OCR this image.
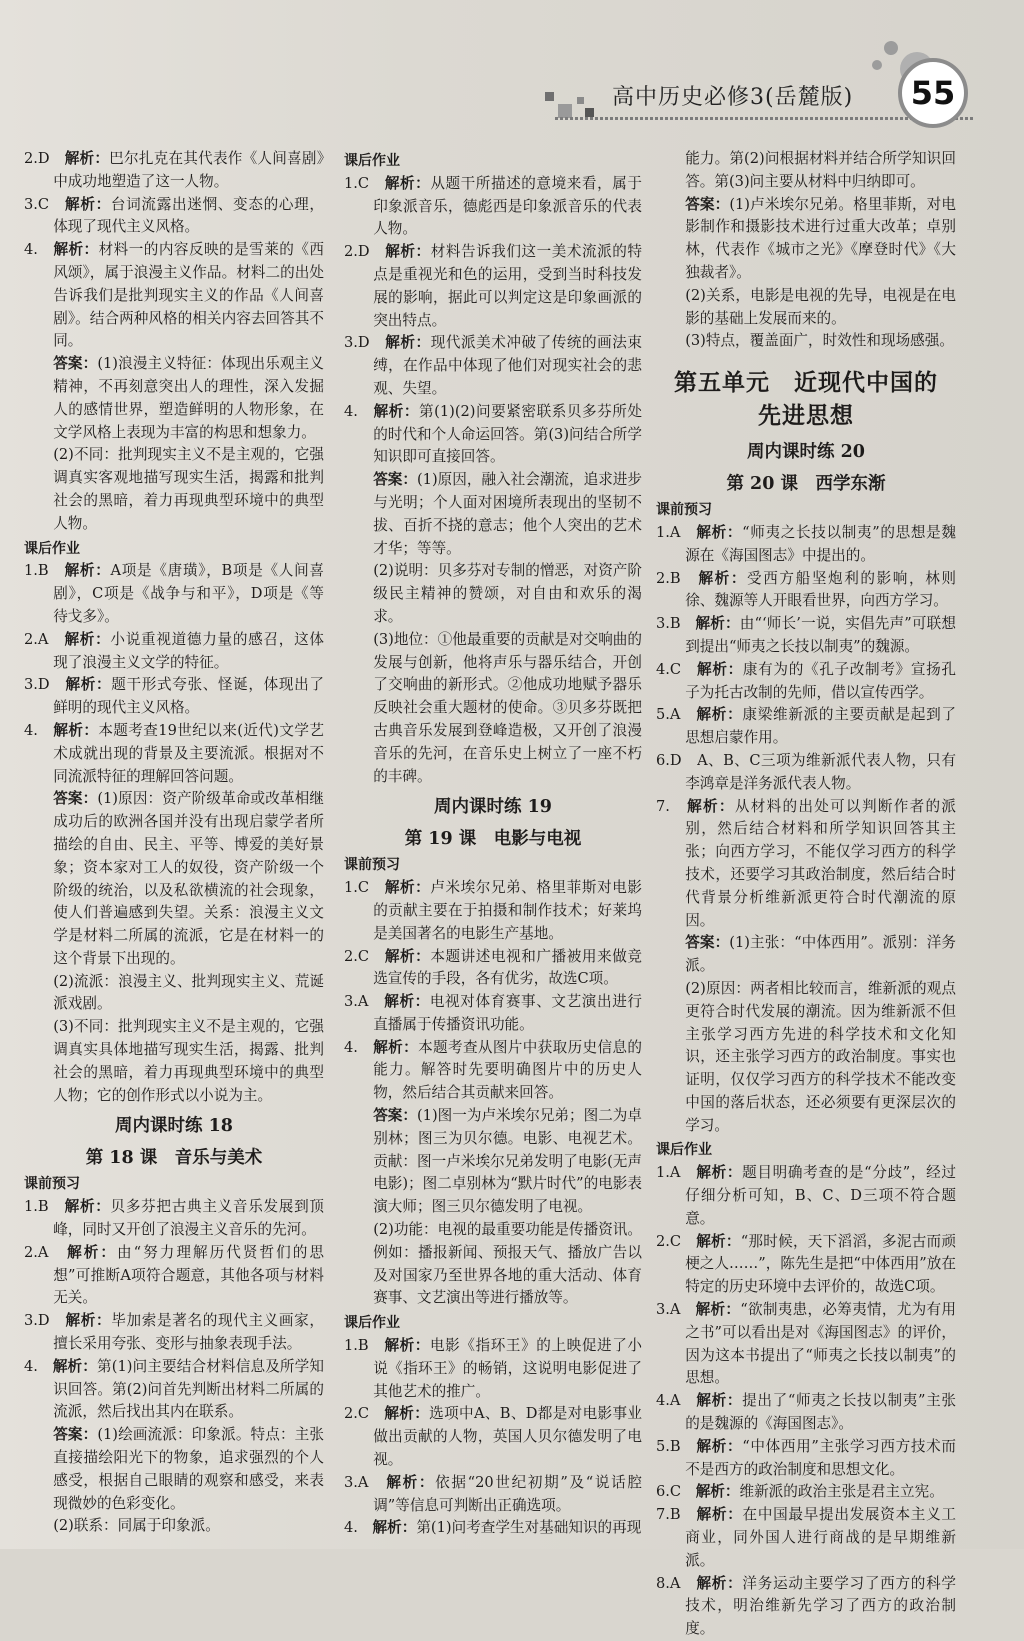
高中历史必修3(岳麓版)	55

2.D　解析：巴尔扎克在其代表作《人间喜剧》中成功地塑造了这一人物。

3.C　解析：台词流露出迷惘、变态的心理，体现了现代主义风格。

4.　解析：材料一的内容反映的是雪莱的《西风颂》，属于浪漫主义作品。材料二的出处告诉我们是批判现实主义的作品《人间喜剧》。结合两种风格的相关内容去回答其不同。

答案：(1)浪漫主义特征：体现出乐观主义精神，不再刻意突出人的理性，深入发掘人的感情世界，塑造鲜明的人物形象，在文学风格上表现为丰富的构思和想象力。

(2)不同：批判现实主义不是主观的，它强调真实客观地描写现实生活，揭露和批判社会的黑暗，着力再现典型环境中的典型人物。

课后作业

1.B　解析：A项是《唐璜》，B项是《人间喜剧》，C项是《战争与和平》，D项是《等待戈多》。

2.A　解析：小说重视道德力量的感召，这体现了浪漫主义文学的特征。

3.D　解析：题干形式夸张、怪诞，体现出了鲜明的现代主义风格。

4.　解析：本题考查19世纪以来(近代)文学艺术成就出现的背景及主要流派。根据对不同流派特征的理解回答问题。

答案：(1)原因：资产阶级革命或改革相继成功后的欧洲各国并没有出现启蒙学者所描绘的自由、民主、平等、博爱的美好景象；资本家对工人的奴役，资产阶级一个阶级的统治，以及私欲横流的社会现象，使人们普遍感到失望。关系：浪漫主义文学是材料二所属的流派，它是在材料一的这个背景下出现的。

(2)流派：浪漫主义、批判现实主义、荒诞派戏剧。

(3)不同：批判现实主义不是主观的，它强调真实具体地描写现实生活，揭露、批判社会的黑暗，着力再现典型环境中的典型人物；它的创作形式以小说为主。

周内课时练 18

第 18 课　音乐与美术

课前预习

1.B　解析：贝多芬把古典主义音乐发展到顶峰，同时又开创了浪漫主义音乐的先河。

2.A　解析：由“努力理解历代贤哲们的思想”可推断A项符合题意，其他各项与材料无关。

3.D　解析：毕加索是著名的现代主义画家，擅长采用夸张、变形与抽象表现手法。

4.　解析：第(1)问主要结合材料信息及所学知识回答。第(2)问首先判断出材料二所属的流派，然后找出其内在联系。

答案：(1)绘画流派：印象派。特点：主张直接描绘阳光下的物象，追求强烈的个人感受，根据自己眼睛的观察和感受，来表现微妙的色彩变化。

(2)联系：同属于印象派。

课后作业

1.C　解析：从题干所描述的意境来看，属于印象派音乐，德彪西是印象派音乐的代表人物。

2.D　解析：材料告诉我们这一美术流派的特点是重视光和色的运用，受到当时科技发展的影响，据此可以判定这是印象画派的突出特点。

3.D　解析：现代派美术冲破了传统的画法束缚，在作品中体现了他们对现实社会的悲观、失望。

4.　解析：第(1)(2)问要紧密联系贝多芬所处的时代和个人命运回答。第(3)问结合所学知识即可直接回答。

答案：(1)原因，融入社会潮流，追求进步与光明；个人面对困境所表现出的坚韧不拔、百折不挠的意志；他个人突出的艺术才华；等等。

(2)说明：贝多芬对专制的憎恶，对资产阶级民主精神的赞颂，对自由和欢乐的渴求。

(3)地位：①他最重要的贡献是对交响曲的发展与创新，他将声乐与器乐结合，开创了交响曲的新形式。②他成功地赋予器乐反映社会重大题材的使命。③贝多芬既把古典音乐发展到登峰造极，又开创了浪漫音乐的先河，在音乐史上树立了一座不朽的丰碑。

周内课时练 19

第 19 课　电影与电视

课前预习

1.C　解析：卢米埃尔兄弟、格里菲斯对电影的贡献主要在于拍摄和制作技术；好莱坞是美国著名的电影生产基地。

2.C　解析：本题讲述电视和广播被用来做竞选宣传的手段，各有优劣，故选C项。

3.A　解析：电视对体育赛事、文艺演出进行直播属于传播资讯功能。

4.　解析：本题考查从图片中获取历史信息的能力。解答时先要明确图片中的历史人物，然后结合其贡献来回答。

答案：(1)图一为卢米埃尔兄弟；图二为卓别林；图三为贝尔德。电影、电视艺术。贡献：图一卢米埃尔兄弟发明了电影(无声电影)；图二卓别林为“默片时代”的电影表演大师；图三贝尔德发明了电视。

(2)功能：电视的最重要功能是传播资讯。例如：播报新闻、预报天气、播放广告以及对国家乃至世界各地的重大活动、体育赛事、文艺演出等进行播放等。

课后作业

1.B　解析：电影《指环王》的上映促进了小说《指环王》的畅销，这说明电影促进了其他艺术的推广。

2.C　解析：选项中A、B、D都是对电影事业做出贡献的人物，英国人贝尔德发明了电视。

3.A　解析：依据“20世纪初期”及“说话腔调”等信息可判断出正确选项。

4.　解析：第(1)问考查学生对基础知识的再现

能力。第(2)问根据材料并结合所学知识回答。第(3)问主要从材料中归纳即可。

答案：(1)卢米埃尔兄弟。格里菲斯，对电影制作和摄影技术进行过重大改革；卓别林，代表作《城市之光》《摩登时代》《大独裁者》。

(2)关系，电影是电视的先导，电视是在电影的基础上发展而来的。

(3)特点，覆盖面广，时效性和现场感强。

第五单元　近现代中国的

先进思想

周内课时练 20

第 20 课　西学东渐

课前预习

1.A　解析：“师夷之长技以制夷”的思想是魏源在《海国图志》中提出的。

2.B　解析：受西方船坚炮利的影响，林则徐、魏源等人开眼看世界，向西方学习。

3.B　解析：由“‘师长’一说，实倡先声”可联想到提出“师夷之长技以制夷”的魏源。

4.C　解析：康有为的《孔子改制考》宣扬孔子为托古改制的先师，借以宣传西学。

5.A　解析：康梁维新派的主要贡献是起到了思想启蒙作用。

6.D　A、B、C三项为维新派代表人物，只有李鸿章是洋务派代表人物。

7.　解析：从材料的出处可以判断作者的派别，然后结合材料和所学知识回答其主张；向西方学习，不能仅学习西方的科学技术，还要学习其政治制度，然后结合时代背景分析维新派更符合时代潮流的原因。

答案：(1)主张：“中体西用”。派别：洋务派。

(2)原因：两者相比较而言，维新派的观点更符合时代发展的潮流。因为维新派不但主张学习西方先进的科学技术和文化知识，还主张学习西方的政治制度。事实也证明，仅仅学习西方的科学技术不能改变中国的落后状态，还必须要有更深层次的学习。

课后作业

1.A　解析：题目明确考查的是“分歧”，经过仔细分析可知，B、C、D三项不符合题意。

2.C　解析：“那时候，天下滔滔，多泥古而顽梗之人……”，陈先生是把“中体西用”放在特定的历史环境中去评价的，故选C项。

3.A　解析：“欲制夷患，必筹夷情，尤为有用之书”可以看出是对《海国图志》的评价，因为这本书提出了“师夷之长技以制夷”的思想。

4.A　解析：提出了“师夷之长技以制夷”主张的是魏源的《海国图志》。

5.B　解析：“中体西用”主张学习西方技术而不是西方的政治制度和思想文化。

6.C　解析：维新派的政治主张是君主立宪。

7.B　解析：在中国最早提出发展资本主义工商业，同外国人进行商战的是早期维新派。

8.A　解析：洋务运动主要学习了西方的科学技术，明治维新先学习了西方的政治制度。
